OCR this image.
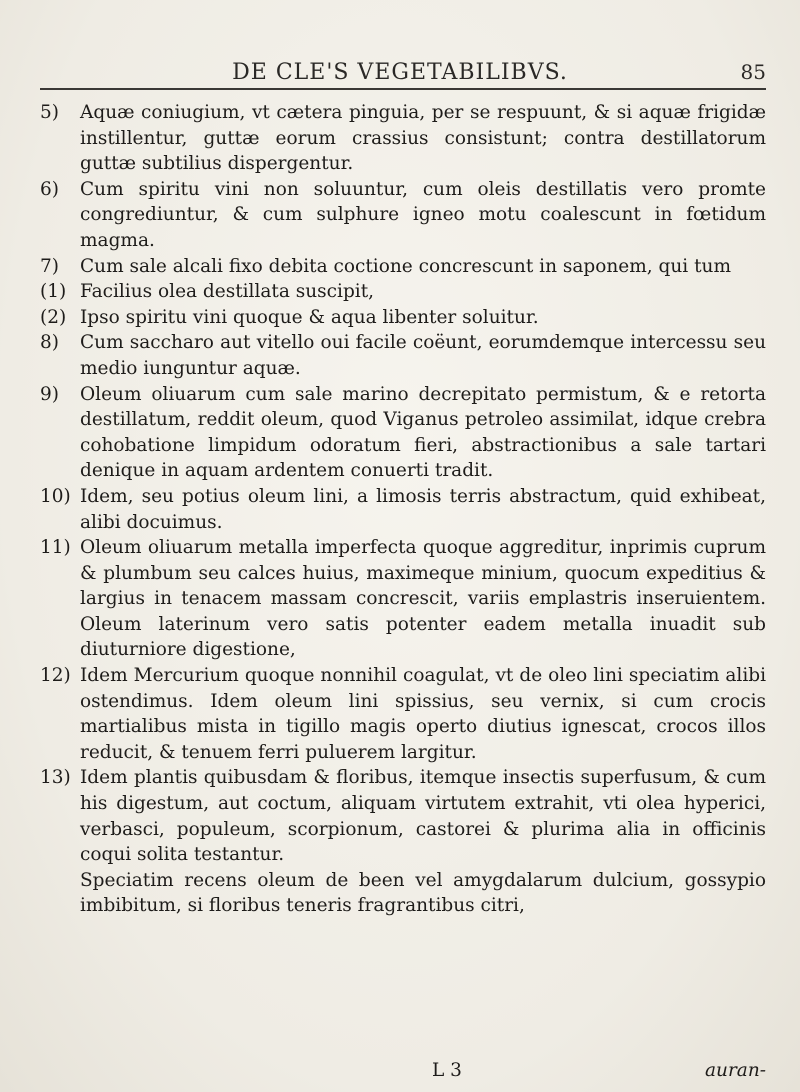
DE CLE'S VEGETABILIBVS.	85

5)	Aquæ coniugium, vt cætera pinguia, per se respuunt, & si aquæ frigidæ instillentur, guttæ eorum crassius consistunt; contra destillatorum guttæ subtilius dispergentur.

6)	Cum spiritu vini non soluuntur, cum oleis destillatis vero promte congrediuntur, & cum sulphure igneo motu coalescunt in fœtidum magma.

7)	Cum sale alcali fixo debita coctione concrescunt in saponem, qui tum

(1) Facilius olea destillata suscipit,

(2) Ipso spiritu vini quoque & aqua libenter soluitur.

8)	Cum saccharo aut vitello oui facile coëunt, eorumdemque intercessu seu medio iunguntur aquæ.

9)	Oleum oliuarum cum sale marino decrepitato permistum, & e retorta destillatum, reddit oleum, quod Viganus petroleo assimilat, idque crebra cohobatione limpidum odoratum fieri, abstractionibus a sale tartari denique in aquam ardentem conuerti tradit.

10) Idem, seu potius oleum lini, a limosis terris abstractum, quid exhibeat, alibi docuimus.

11) Oleum oliuarum metalla imperfecta quoque aggreditur, inprimis cuprum & plumbum seu calces huius, maximeque minium, quocum expeditius & largius in tenacem massam concrescit, variis emplastris inseruientem. Oleum laterinum vero satis potenter eadem metalla inuadit sub diuturniore digestione,

12) Idem Mercurium quoque nonnihil coagulat, vt de oleo lini speciatim alibi ostendimus. Idem oleum lini spissius, seu vernix, si cum crocis martialibus mista in tigillo magis operto diutius ignescat, crocos illos reducit, & tenuem ferri puluerem largitur.

13) Idem plantis quibusdam & floribus, itemque insectis superfusum, & cum his digestum, aut coctum, aliquam virtutem extrahit, vti olea hyperici, verbasci, populeum, scorpionum, castorei & plurima alia in officinis coqui solita testantur.

Speciatim recens oleum de been vel amygdalarum dulcium, gossypio imbibitum, si floribus teneris fragrantibus citri,

L 3	auran-
